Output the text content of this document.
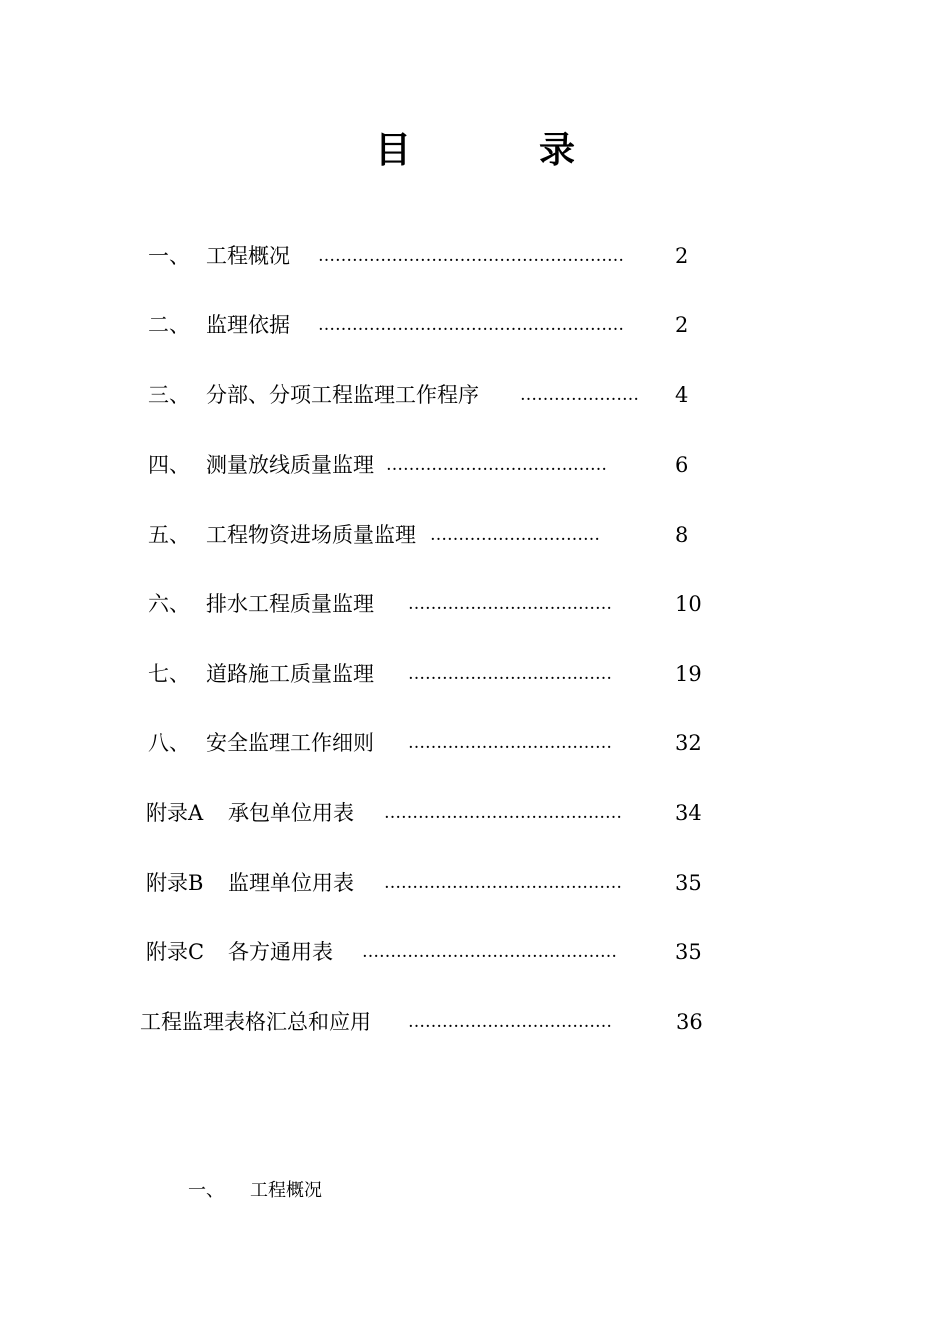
目　录
一、 工程概况 ………………………………………………	2
二、 监理依据 ………………………………………………	2
三、 分部、分项工程监理工作程序 …………………	4
四、 测量放线质量监理 …………………………………	6
五、 工程物资进场质量监理 …………………………	8
六、 排水工程质量监理 ………………………………	10
七、 道路施工质量监理 ………………………………	19
八、 安全监理工作细则 ………………………………	32
附录A 承包单位用表 ……………………………………	34
附录B 监理单位用表 ……………………………………	35
附录C 各方通用表 ………………………………………	35
工程监理表格汇总和应用 ………………………………	36
一、 工程概况
